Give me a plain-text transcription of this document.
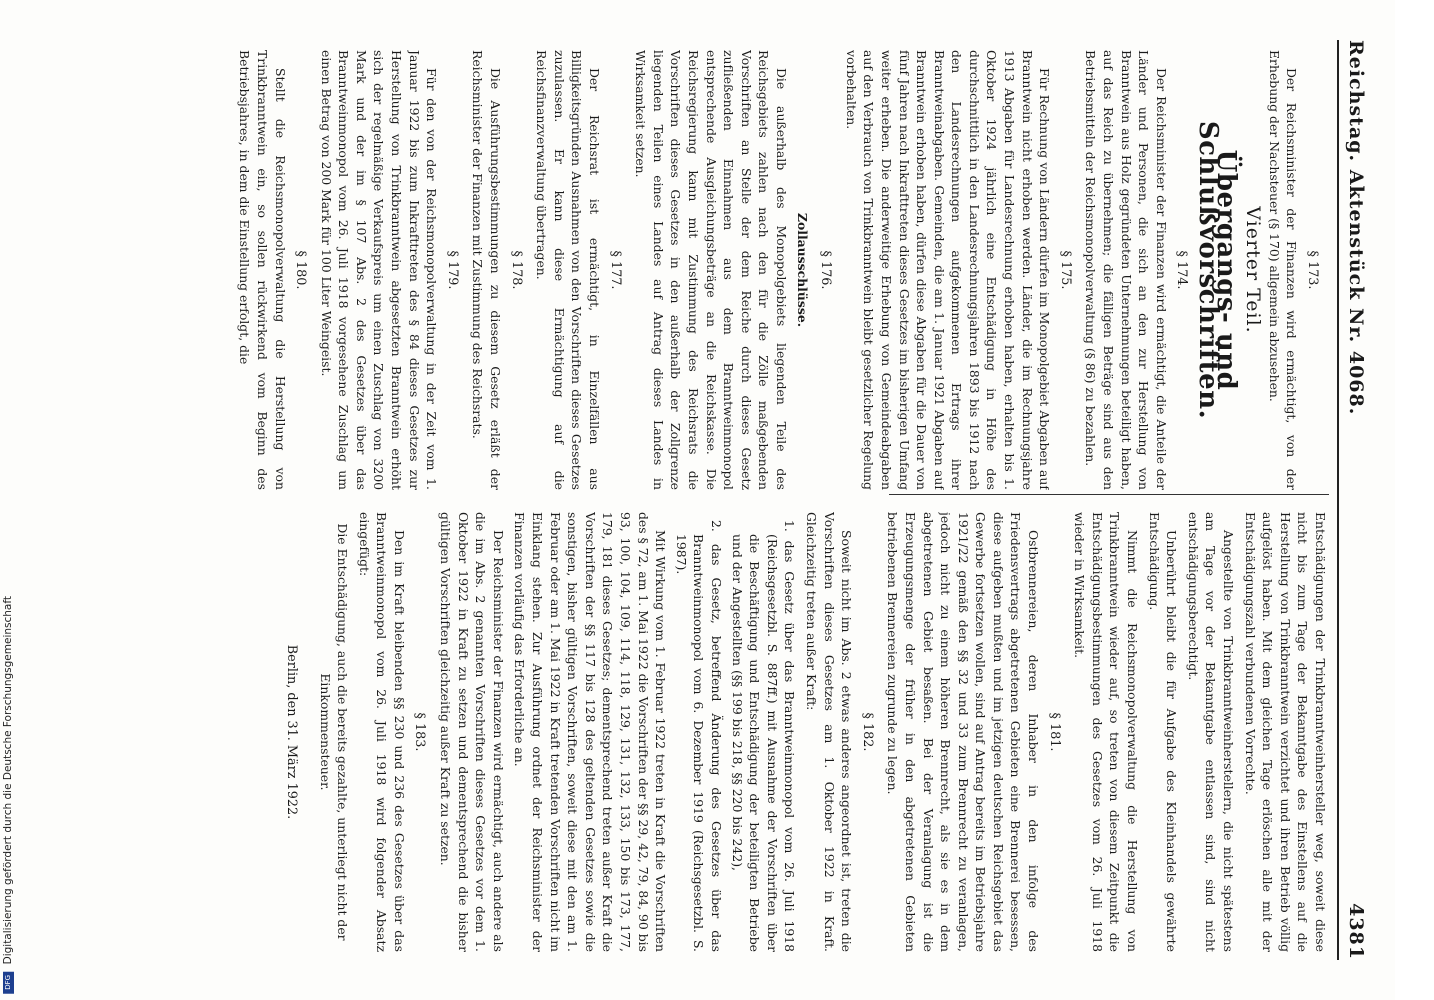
Reichstag. Aktenstück Nr. 4068.
4381
§ 173.

Der Reichsminister der Finanzen wird ermächtigt, von der Erhebung der Nachsteuer (§ 170) allgemein abzusehen.

Vierter Teil.
Übergangs- und Schlußvorschriften.
§ 174.

Der Reichsminister der Finanzen wird ermächtigt, die Anteile der Länder und Personen, die sich an den zur Herstellung von Branntwein aus Holz gegründeten Unternehmungen beteiligt haben, auf das Reich zu übernehmen; die fälligen Beträge sind aus den Betriebsmitteln der Reichsmonopolverwaltung (§ 86) zu bezahlen.

§ 175.

Für Rechnung von Ländern dürfen im Monopolgebiet Abgaben auf Branntwein nicht erhoben werden. Länder, die im Rechnungsjahre 1913 Abgaben für Landesrechnung erhoben haben, erhalten bis 1. Oktober 1924 jährlich eine Entschädigung in Höhe des durchschnittlich in den Landesrechnungsjahren 1893 bis 1912 nach den Landesrechnungen aufgekommenen Ertrags ihrer Branntweinabgaben. Gemeinden, die am 1. Januar 1921 Abgaben auf Branntwein erhoben haben, dürfen diese Abgaben für die Dauer von fünf Jahren nach Inkrafttreten dieses Gesetzes im bisherigen Umfang weiter erheben. Die anderweitige Erhebung von Gemeindeabgaben auf den Verbrauch von Trinkbranntwein bleibt gesetzlicher Regelung vorbehalten.

§ 176.
Zollausschlüsse.

Die außerhalb des Monopolgebiets liegenden Teile des Reichsgebiets zahlen nach den für die Zölle maßgebenden Vorschriften an Stelle der dem Reiche durch dieses Gesetz zufließenden Einnahmen aus dem Branntweinmonopol entsprechende Ausgleichungsbeträge an die Reichskasse. Die Reichsregierung kann mit Zustimmung des Reichsrats die Vorschriften dieses Gesetzes in den außerhalb der Zollgrenze liegenden Teilen eines Landes auf Antrag dieses Landes in Wirksamkeit setzen.

§ 177.

Der Reichsrat ist ermächtigt, in Einzelfällen aus Billigkeitsgründen Ausnahmen von den Vorschriften dieses Gesetzes zuzulassen. Er kann diese Ermächtigung auf die Reichsfinanzverwaltung übertragen.

§ 178.

Die Ausführungsbestimmungen zu diesem Gesetz erläßt der Reichsminister der Finanzen mit Zustimmung des Reichsrats.

§ 179.

Für den von der Reichsmonopolverwaltung in der Zeit vom 1. Januar 1922 bis zum Inkrafttreten des § 84 dieses Gesetzes zur Herstellung von Trinkbranntwein abgesetzten Branntwein erhöht sich der regelmäßige Verkaufspreis um einen Zuschlag von 3200 Mark und der im § 107 Abs. 2 des Gesetzes über das Branntweinmonopol vom 26. Juli 1918 vorgesehene Zuschlag um einen Betrag von 200 Mark für 100 Liter Weingeist.

§ 180.

Stellt die Reichsmonopolverwaltung die Herstellung von Trinkbranntwein ein, so sollen rückwirkend vom Beginn des Betriebsjahres, in dem die Einstellung erfolgt, die

Entschädigungen der Trinkbranntweinhersteller weg, soweit diese nicht bis zum Tage der Bekanntgabe des Einstellens auf die Herstellung von Trinkbranntwein verzichtet und ihren Betrieb völlig aufgelöst haben. Mit dem gleichen Tage erlöschen alle mit der Entschädigungszahl verbundenen Vorrechte.

Angestellte von Trinkbranntweinherstellern, die nicht spätestens am Tage vor der Bekanntgabe entlassen sind, sind nicht entschädigungsberechtigt.

Unberührt bleibt die für Aufgabe des Kleinhandels gewährte Entschädigung.

Nimmt die Reichsmonopolverwaltung die Herstellung von Trinkbranntwein wieder auf, so treten von diesem Zeitpunkt die Entschädigungsbestimmungen des Gesetzes vom 26. Juli 1918 wieder in Wirksamkeit.

§ 181.

Ostbrennereien, deren Inhaber in den infolge des Friedensvertrags abgetretenen Gebieten eine Brennerei besessen, diese aufgeben mußten und im jetzigen deutschen Reichsgebiet das Gewerbe fortsetzen wollen, sind auf Antrag bereits im Betriebsjahre 1921/22 gemäß den §§ 32 und 33 zum Brennrecht zu veranlagen, jedoch nicht zu einem höheren Brennrecht, als sie es in dem abgetretenen Gebiet besaßen. Bei der Veranlagung ist die Erzeugungsmenge der früher in den abgetretenen Gebieten betriebenen Brennereien zugrunde zu legen.

§ 182.

Soweit nicht im Abs. 2 etwas anderes angeordnet ist, treten die Vorschriften dieses Gesetzes am 1. Oktober 1922 in Kraft. Gleichzeitig treten außer Kraft:

1. das Gesetz über das Branntweinmonopol vom 26. Juli 1918 (Reichsgesetzbl. S. 887ff.) mit Ausnahme der Vorschriften über die Beschäftigung und Entschädigung der beteiligten Betriebe und der Angestellten (§§ 199 bis 218, §§ 220 bis 242),

2. das Gesetz, betreffend Änderung des Gesetzes über das Branntweinmonopol vom 6. Dezember 1919 (Reichsgesetzbl. S. 1987).

Mit Wirkung vom 1. Februar 1922 treten in Kraft die Vorschriften des § 72, am 1. Mai 1922 die Vorschriften der §§ 29, 42, 79, 84, 90 bis 93, 100, 104, 109, 114, 118, 129, 131, 132, 133, 150 bis 173, 177, 179, 181 dieses Gesetzes; dementsprechend treten außer Kraft die Vorschriften der §§ 117 bis 128 des geltenden Gesetzes sowie die sonstigen, bisher gültigen Vorschriften, soweit diese mit den am 1. Februar oder am 1. Mai 1922 in Kraft tretenden Vorschriften nicht im Einklang stehen. Zur Ausführung ordnet der Reichsminister der Finanzen vorläufig das Erforderliche an.

Der Reichsminister der Finanzen wird ermächtigt, auch andere als die im Abs. 2 genannten Vorschriften dieses Gesetzes vor dem 1. Oktober 1922 in Kraft zu setzen und dementsprechend die bisher gültigen Vorschriften gleichzeitig außer Kraft zu setzen.

§ 183.

Den im Kraft bleibenden §§ 230 und 236 des Gesetzes über das Branntweinmonopol vom 26. Juli 1918 wird folgender Absatz eingefügt:

Die Entschädigung, auch die bereits gezahlte, unterliegt nicht der Einkommensteuer.

Berlin, den 31. März 1922.
DFG Digitalisierung gefördert durch die Deutsche Forschungsgemeinschaft
